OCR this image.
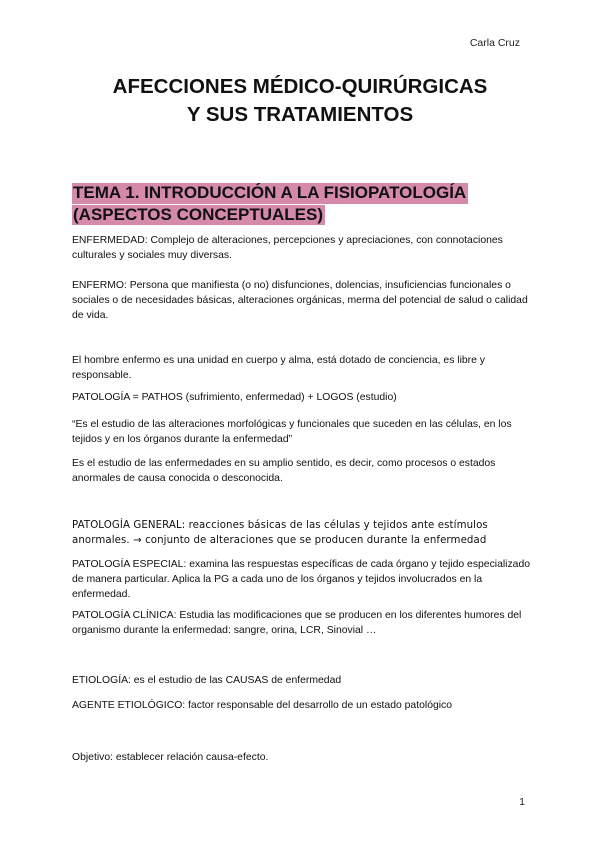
Carla Cruz
AFECCIONES MÉDICO-QUIRÚRGICAS
Y SUS TRATAMIENTOS
TEMA 1. INTRODUCCIÓN A LA FISIOPATOLOGÍA
(ASPECTOS CONCEPTUALES)
ENFERMEDAD: Complejo de alteraciones, percepciones y apreciaciones, con connotaciones culturales y sociales muy diversas.
ENFERMO: Persona que manifiesta (o no) disfunciones, dolencias, insuficiencias funcionales o sociales o de necesidades básicas, alteraciones orgánicas, merma del potencial de salud o calidad de vida.
El hombre enfermo es una unidad en cuerpo y alma, está dotado de conciencia, es libre y responsable.
PATOLOGÍA = PATHOS (sufrimiento, enfermedad) + LOGOS (estudio)
“Es el estudio de las alteraciones morfológicas y funcionales que suceden en las células, en los tejidos y en los órganos durante la enfermedad”
Es el estudio de las enfermedades en su amplio sentido, es decir, como procesos o estados anormales de causa conocida o desconocida.
PATOLOGÍA GENERAL: reacciones básicas de las células y tejidos ante estímulos anormales. → conjunto de alteraciones que se producen durante la enfermedad
PATOLOGÍA ESPECIAL: examina las respuestas específicas de cada órgano y tejido especializado de manera particular. Aplica la PG a cada uno de los órganos y tejidos involucrados en la enfermedad.
PATOLOGÍA CLÍNICA: Estudia las modificaciones que se producen en los diferentes humores del organismo durante la enfermedad: sangre, orina, LCR, Sinovial …
ETIOLOGÍA: es el estudio de las CAUSAS de enfermedad
AGENTE ETIOLÓGICO: factor responsable del desarrollo de un estado patológico
Objetivo: establecer relación causa-efecto.
1
